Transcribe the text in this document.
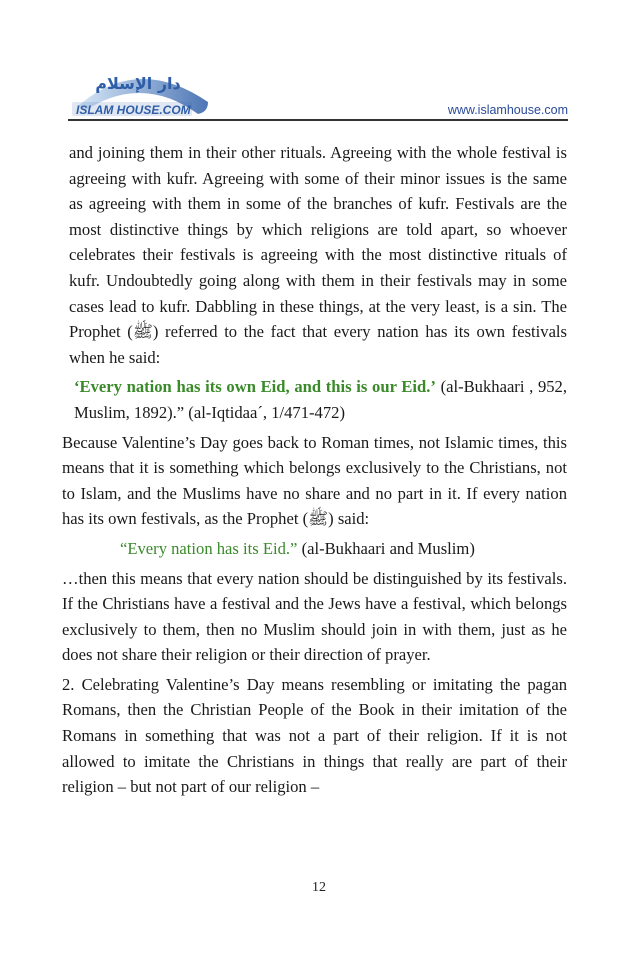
دار الإسلام
ISLAM HOUSE.COM	www.islamhouse.com

and joining them in their other rituals. Agreeing with the whole festival is agreeing with kufr. Agreeing with some of their minor issues is the same as agreeing with them in some of the branches of kufr. Festivals are the most distinctive things by which religions are told apart, so whoever celebrates their festivals is agreeing with the most distinctive rituals of kufr. Undoubtedly going along with them in their festivals may in some cases lead to kufr. Dabbling in these things, at the very least, is a sin. The Prophet (ﷺ) referred to the fact that every nation has its own festivals when he said:

‘Every nation has its own Eid, and this is our Eid.’ (al-Bukhaari , 952, Muslim, 1892).” (al-Iqtidaa´, 1/471-472)

Because Valentine’s Day goes back to Roman times, not Islamic times, this means that it is something which belongs exclusively to the Christians, not to Islam, and the Muslims have no share and no part in it. If every nation has its own festivals, as the Prophet (ﷺ) said:

“Every nation has its Eid.” (al-Bukhaari and Muslim)

…then this means that every nation should be distinguished by its festivals. If the Christians have a festival and the Jews have a festival, which belongs exclusively to them, then no Muslim should join in with them, just as he does not share their religion or their direction of prayer.

2. Celebrating Valentine’s Day means resembling or imitating the pagan Romans, then the Christian People of the Book in their imitation of the Romans in something that was not a part of their religion. If it is not allowed to imitate the Christians in things that really are part of their religion – but not part of our religion –

12
